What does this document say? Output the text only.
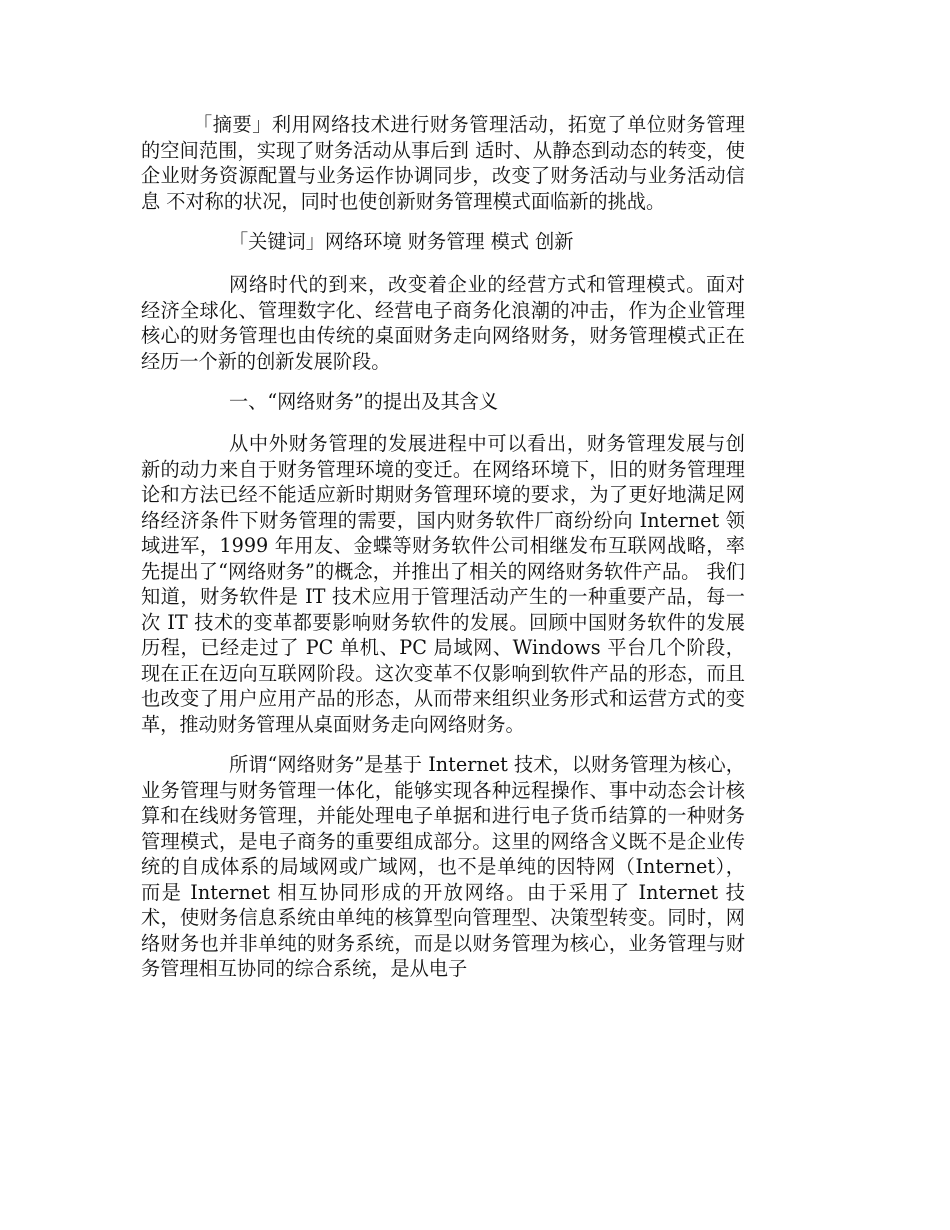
「摘要」利用网络技术进行财务管理活动，拓宽了单位财务管理的空间范围，实现了财务活动从事后到 适时、从静态到动态的转变，使企业财务资源配置与业务运作协调同步，改变了财务活动与业务活动信息 不对称的状况，同时也使创新财务管理模式面临新的挑战。

「关键词」网络环境 财务管理 模式 创新

网络时代的到来，改变着企业的经营方式和管理模式。面对经济全球化、管理数字化、经营电子商务化浪潮的冲击，作为企业管理核心的财务管理也由传统的桌面财务走向网络财务，财务管理模式正在经历一个新的创新发展阶段。

一、“网络财务”的提出及其含义

从中外财务管理的发展进程中可以看出，财务管理发展与创新的动力来自于财务管理环境的变迁。在网络环境下，旧的财务管理理论和方法已经不能适应新时期财务管理环境的要求，为了更好地满足网络经济条件下财务管理的需要，国内财务软件厂商纷纷向 Internet 领域进军，1999 年用友、金蝶等财务软件公司相继发布互联网战略，率先提出了“网络财务”的概念，并推出了相关的网络财务软件产品。 我们知道，财务软件是 IT 技术应用于管理活动产生的一种重要产品，每一次 IT 技术的变革都要影响财务软件的发展。回顾中国财务软件的发展历程，已经走过了 PC 单机、PC 局域网、Windows 平台几个阶段，现在正在迈向互联网阶段。这次变革不仅影响到软件产品的形态，而且也改变了用户应用产品的形态，从而带来组织业务形式和运营方式的变革，推动财务管理从桌面财务走向网络财务。

所谓“网络财务”是基于 Internet 技术，以财务管理为核心，业务管理与财务管理一体化，能够实现各种远程操作、事中动态会计核算和在线财务管理，并能处理电子单据和进行电子货币结算的一种财务管理模式，是电子商务的重要组成部分。这里的网络含义既不是企业传统的自成体系的局域网或广域网，也不是单纯的因特网（Internet），而是 Internet 相互协同形成的开放网络。由于采用了 Internet 技术，使财务信息系统由单纯的核算型向管理型、决策型转变。同时，网络财务也并非单纯的财务系统，而是以财务管理为核心，业务管理与财务管理相互协同的综合系统，是从电子
